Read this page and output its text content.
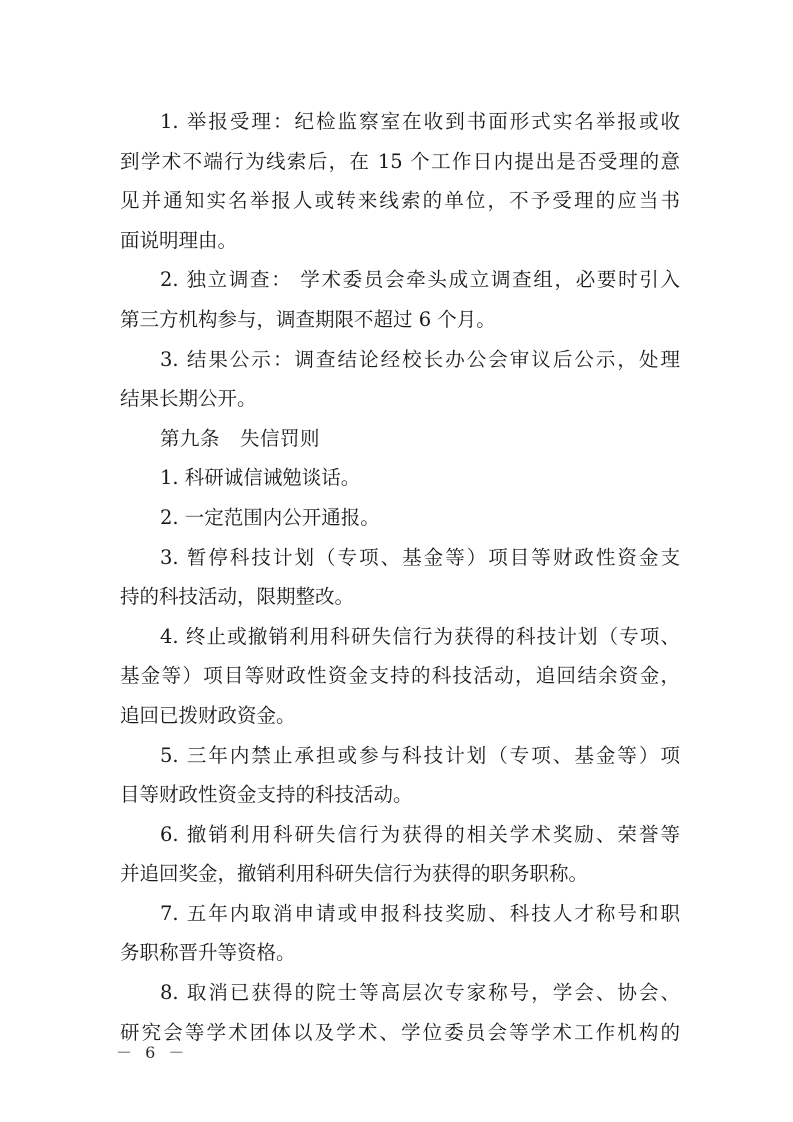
1. 举报受理：纪检监察室在收到书面形式实名举报或收
到学术不端行为线索后，在 15 个工作日内提出是否受理的意
见并通知实名举报人或转来线索的单位，不予受理的应当书
面说明理由。
2. 独立调查： 学术委员会牵头成立调查组，必要时引入
第三方机构参与，调查期限不超过 6 个月。
3. 结果公示：调查结论经校长办公会审议后公示，处理
结果长期公开。
第九条　失信罚则
1. 科研诚信诫勉谈话。
2. 一定范围内公开通报。
3. 暂停科技计划（专项、基金等）项目等财政性资金支
持的科技活动，限期整改。
4. 终止或撤销利用科研失信行为获得的科技计划（专项、
基金等）项目等财政性资金支持的科技活动，追回结余资金，
追回已拨财政资金。
5. 三年内禁止承担或参与科技计划（专项、基金等）项
目等财政性资金支持的科技活动。
6. 撤销利用科研失信行为获得的相关学术奖励、荣誉等
并追回奖金，撤销利用科研失信行为获得的职务职称。
7. 五年内取消申请或申报科技奖励、科技人才称号和职
务职称晋升等资格。
8. 取消已获得的院士等高层次专家称号，学会、协会、
研究会等学术团体以及学术、学位委员会等学术工作机构的
－ 6 －
